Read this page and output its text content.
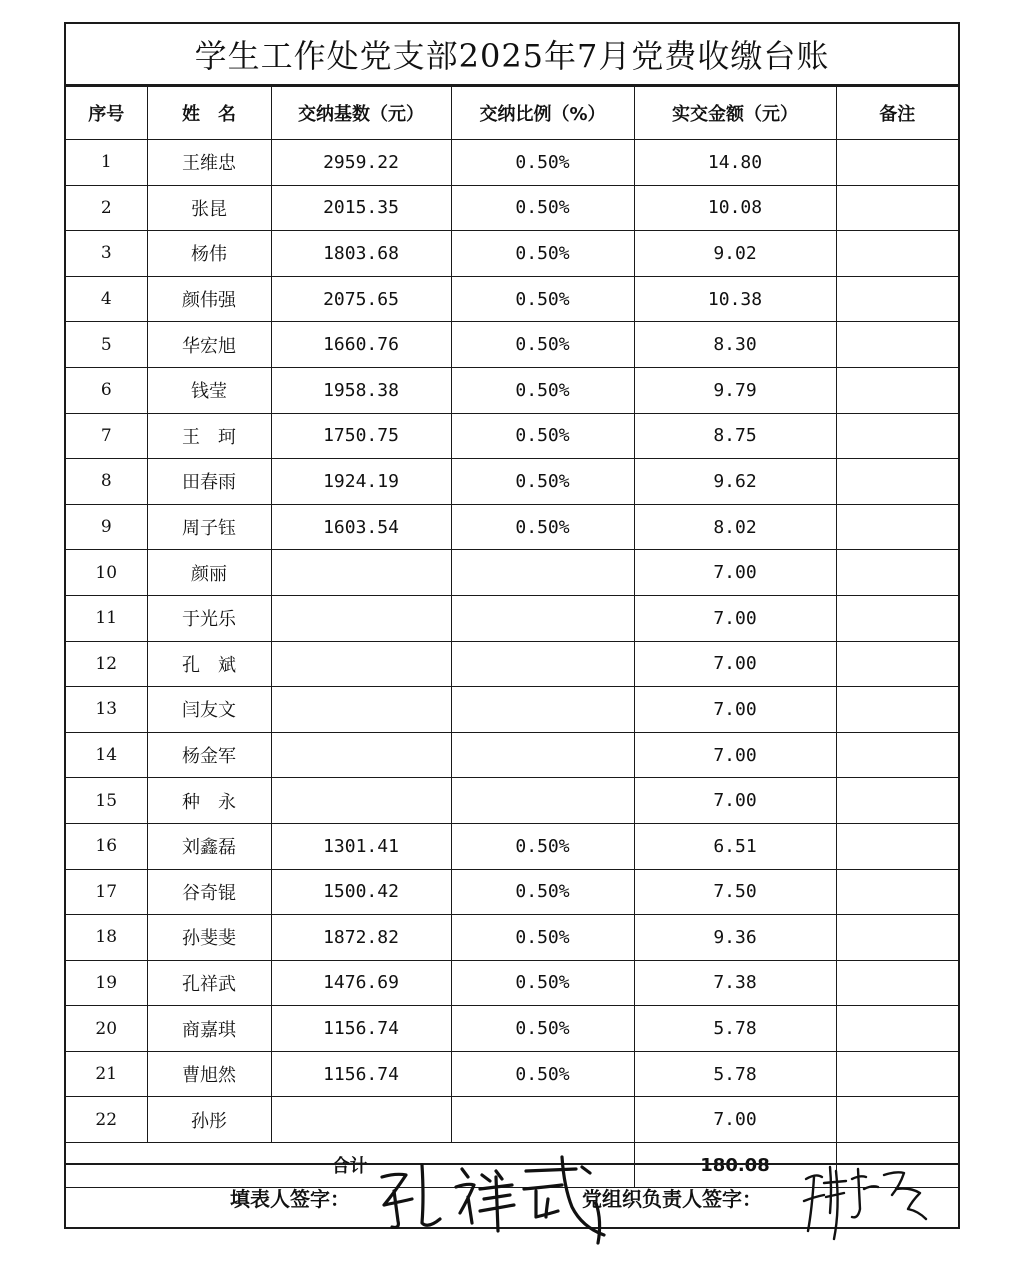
学生工作处党支部2025年7月党费收缴台账
序号	姓　名	交纳基数（元）	交纳比例（%）	实交金额（元）	备注
1	王维忠	2959.22	0.50%	14.80	
2	张昆	2015.35	0.50%	10.08	
3	杨伟	1803.68	0.50%	9.02	
4	颜伟强	2075.65	0.50%	10.38	
5	华宏旭	1660.76	0.50%	8.30	
6	钱莹	1958.38	0.50%	9.79	
7	王　珂	1750.75	0.50%	8.75	
8	田春雨	1924.19	0.50%	9.62	
9	周子钰	1603.54	0.50%	8.02	
10	颜丽			7.00	
11	于光乐			7.00	
12	孔　斌			7.00	
13	闫友文			7.00	
14	杨金军			7.00	
15	种　永			7.00	
16	刘鑫磊	1301.41	0.50%	6.51	
17	谷奇锟	1500.42	0.50%	7.50	
18	孙斐斐	1872.82	0.50%	9.36	
19	孔祥武	1476.69	0.50%	7.38	
20	商嘉琪	1156.74	0.50%	5.78	
21	曹旭然	1156.74	0.50%	5.78	
22	孙彤			7.00	
合计				180.08	
填表人签字：	党组织负责人签字：
